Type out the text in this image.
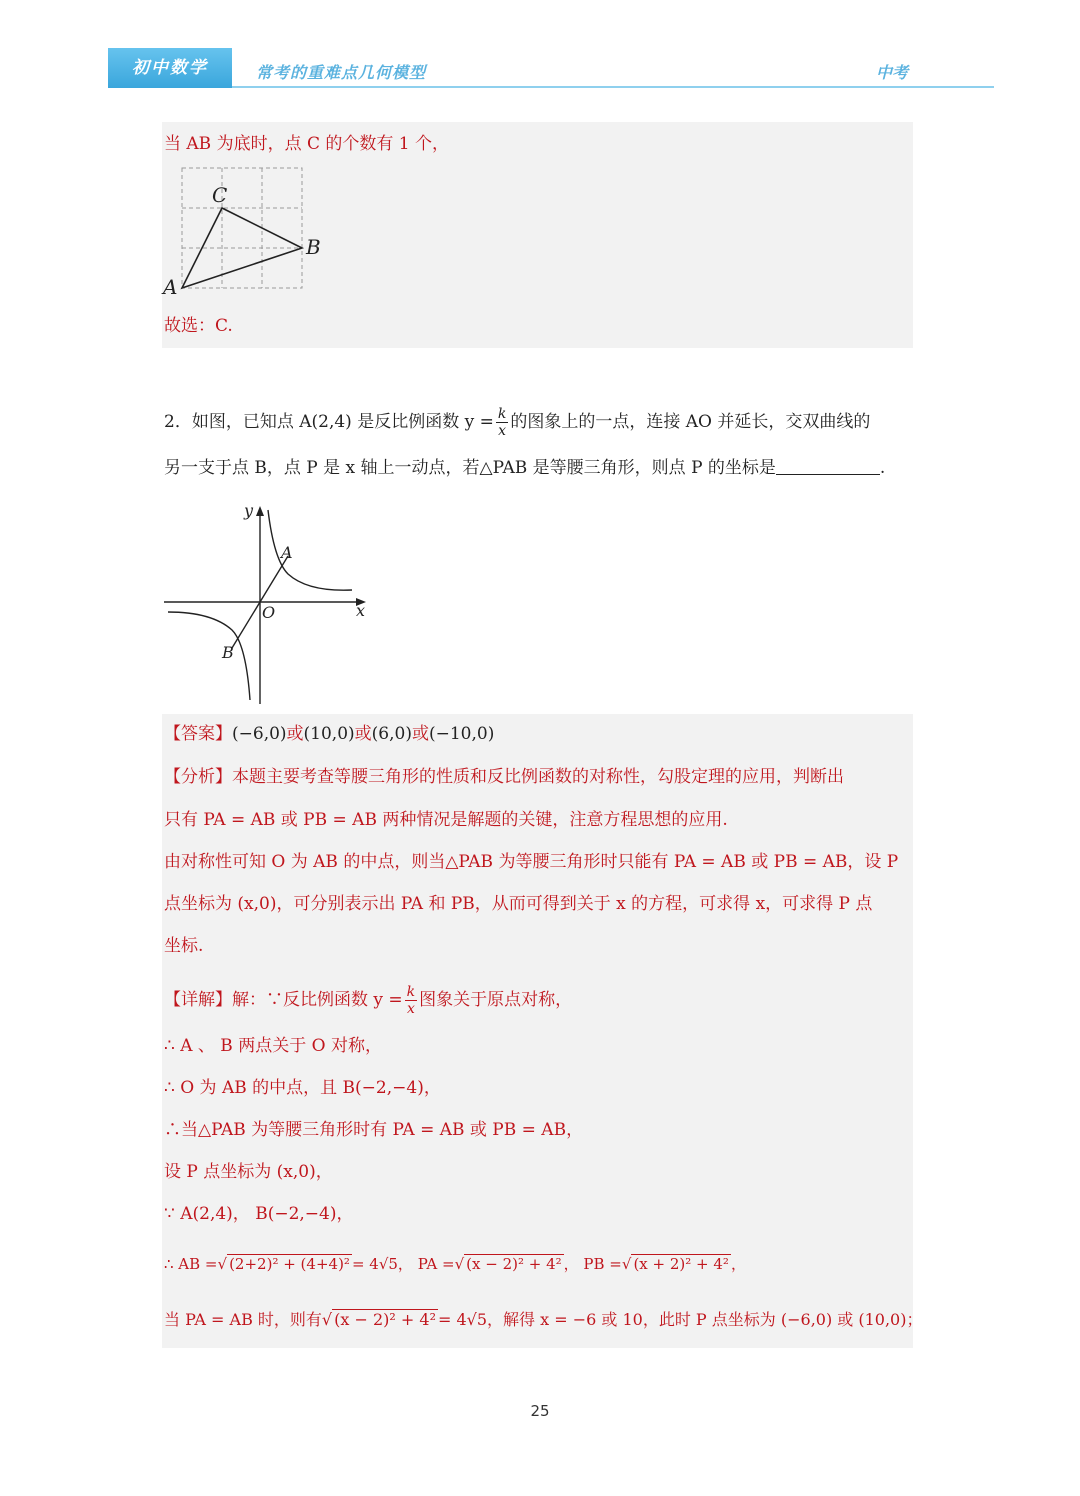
初中数学	常考的重难点几何模型	中考
当 AB 为底时，点 C 的个数有 1 个，
C
B
A
故选：C.
2．如图，已知点 A(2,4) 是反比例函数 $y = \frac{k}{x}$ 的图象上的一点，连接 AO 并延长，交双曲线的
另一支于点 B，点 P 是 x 轴上一动点，若△PAB 是等腰三角形，则点 P 的坐标是	.
y
x
O
A
B
【答案】(−6,0)或(10,0)或(6,0)或(−10,0)
【分析】本题主要考查等腰三角形的性质和反比例函数的对称性，勾股定理的应用，判断出
只有 PA = AB 或 PB = AB 两种情况是解题的关键，注意方程思想的应用.
由对称性可知 O 为 AB 的中点，则当△PAB 为等腰三角形时只能有 PA = AB 或 PB = AB，设 P
点坐标为 (x,0)，可分别表示出 PA 和 PB，从而可得到关于 x 的方程，可求得 x，可求得 P 点
坐标.
【详解】解：∵反比例函数 $y = \frac{k}{x}$ 图象关于原点对称，
∴ A 、 B 两点关于 O 对称，
∴ O 为 AB 的中点，且 B(−2,−4)，
∴当△PAB 为等腰三角形时有 PA = AB 或 PB = AB，
设 P 点坐标为 (x,0)，
∵ A(2,4)， B(−2,−4)，
∴ AB =√ (2+2)² + (4+4)² = 4√5， PA =√ (x − 2)² + 4² ， PB =√ (x + 2)² + 4² ，
当 PA = AB 时，则有√ (x − 2)² + 4² = 4√5，解得 x = −6 或 10，此时 P 点坐标为 (−6,0) 或 (10,0)；
25
